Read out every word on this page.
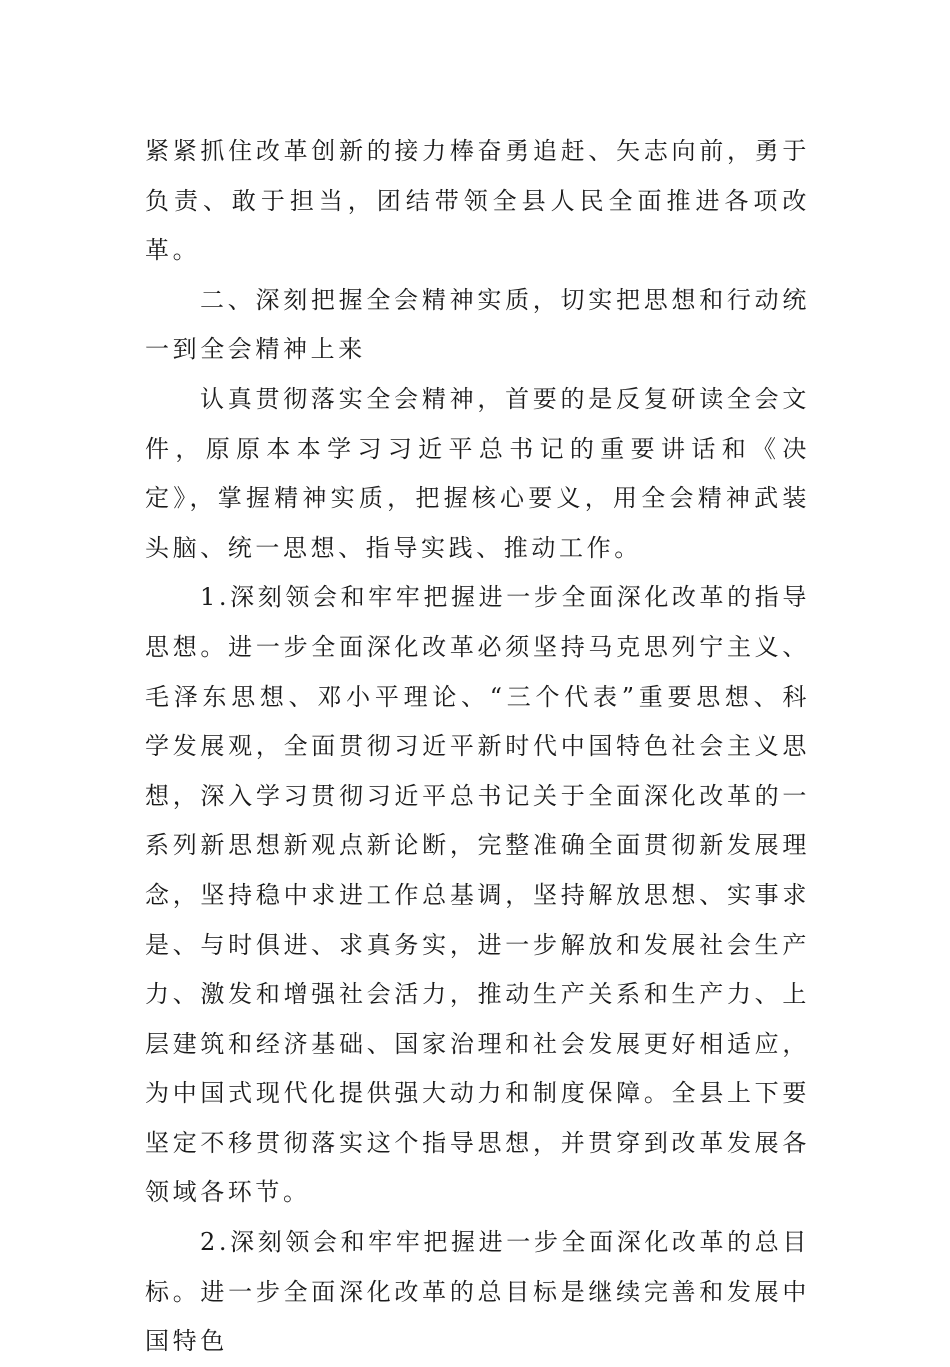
紧紧抓住改革创新的接力棒奋勇追赶、矢志向前，勇于负责、敢于担当，团结带领全县人民全面推进各项改革。

二、深刻把握全会精神实质，切实把思想和行动统一到全会精神上来

认真贯彻落实全会精神，首要的是反复研读全会文件，原原本本学习习近平总书记的重要讲话和《决定》，掌握精神实质，把握核心要义，用全会精神武装头脑、统一思想、指导实践、推动工作。

1.深刻领会和牢牢把握进一步全面深化改革的指导思想。进一步全面深化改革必须坚持马克思列宁主义、毛泽东思想、邓小平理论、“三个代表”重要思想、科学发展观，全面贯彻习近平新时代中国特色社会主义思想，深入学习贯彻习近平总书记关于全面深化改革的一系列新思想新观点新论断，完整准确全面贯彻新发展理念，坚持稳中求进工作总基调，坚持解放思想、实事求是、与时俱进、求真务实，进一步解放和发展社会生产力、激发和增强社会活力，推动生产关系和生产力、上层建筑和经济基础、国家治理和社会发展更好相适应，为中国式现代化提供强大动力和制度保障。全县上下要坚定不移贯彻落实这个指导思想，并贯穿到改革发展各领域各环节。

2.深刻领会和牢牢把握进一步全面深化改革的总目标。进一步全面深化改革的总目标是继续完善和发展中国特色
